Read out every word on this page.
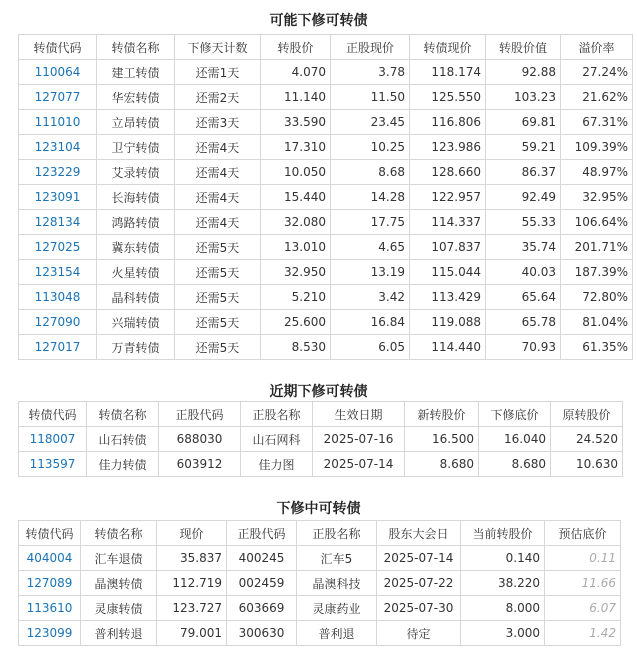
可能下修可转债
转债代码	转债名称	下修天计数	转股价	正股现价	转债现价	转股价值	溢价率
110064	建工转债	还需1天	4.070	3.78	118.174	92.88	27.24%
127077	华宏转债	还需2天	11.140	11.50	125.550	103.23	21.62%
111010	立昂转债	还需3天	33.590	23.45	116.806	69.81	67.31%
123104	卫宁转债	还需4天	17.310	10.25	123.986	59.21	109.39%
123229	艾录转债	还需4天	10.050	8.68	128.660	86.37	48.97%
123091	长海转债	还需4天	15.440	14.28	122.957	92.49	32.95%
128134	鸿路转债	还需4天	32.080	17.75	114.337	55.33	106.64%
127025	冀东转债	还需5天	13.010	4.65	107.837	35.74	201.71%
123154	火星转债	还需5天	32.950	13.19	115.044	40.03	187.39%
113048	晶科转债	还需5天	5.210	3.42	113.429	65.64	72.80%
127090	兴瑞转债	还需5天	25.600	16.84	119.088	65.78	81.04%
127017	万青转债	还需5天	8.530	6.05	114.440	70.93	61.35%
近期下修可转债
转债代码	转债名称	正股代码	正股名称	生效日期	新转股价	下修底价	原转股价
118007	山石转债	688030	山石网科	2025-07-16	16.500	16.040	24.520
113597	佳力转债	603912	佳力图	2025-07-14	8.680	8.680	10.630
下修中可转债
转债代码	转债名称	现价	正股代码	正股名称	股东大会日	当前转股价	预估底价
404004	汇车退债	35.837	400245	汇车5	2025-07-14	0.140	0.11
127089	晶澳转债	112.719	002459	晶澳科技	2025-07-22	38.220	11.66
113610	灵康转债	123.727	603669	灵康药业	2025-07-30	8.000	6.07
123099	普利转退	79.001	300630	普利退	待定	3.000	1.42
